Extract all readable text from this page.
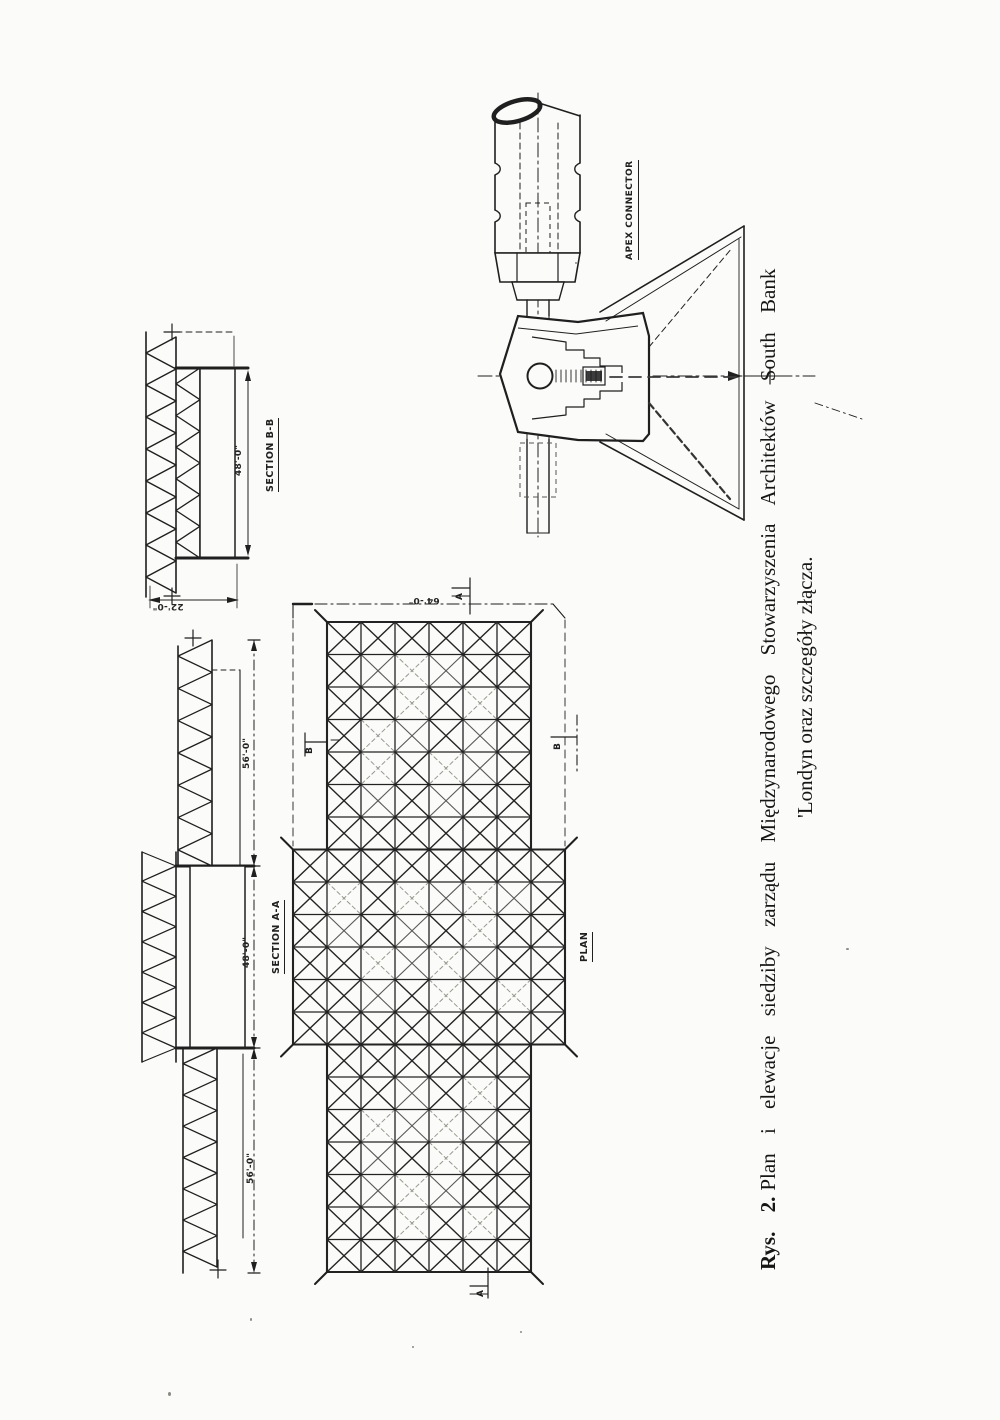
APEX CONNECTOR
SECTION B-B
SECTION A-A	PLAN
48'-0"
22'-0"
56'-0"
48'-0"
56'-0"
64'-0"	A
A
B
B
Rys. 2.Plan i elewacje siedziby zarządu Międzynarodowego Stowarzyszenia Architektów South Bank 'Londyn oraz szczegóły złącza.
